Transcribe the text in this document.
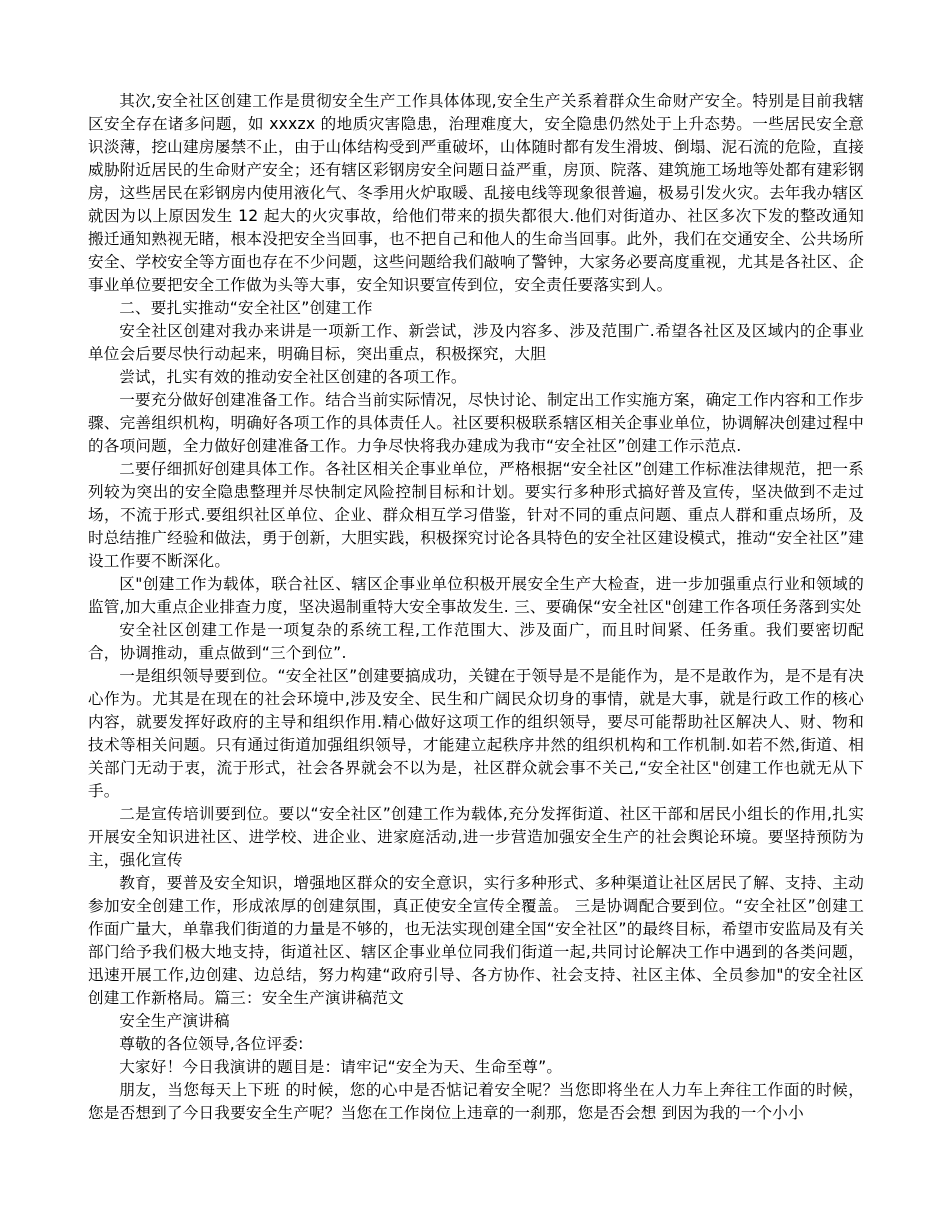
其次,安全社区创建工作是贯彻安全生产工作具体体现,安全生产关系着群众生命财产安全。特别是目前我辖区安全存在诸多问题，如 xxxzx 的地质灾害隐患，治理难度大，安全隐患仍然处于上升态势。一些居民安全意识淡薄，挖山建房屡禁不止，由于山体结构受到严重破坏，山体随时都有发生滑坡、倒塌、泥石流的危险，直接威胁附近居民的生命财产安全；还有辖区彩钢房安全问题日益严重，房顶、院落、建筑施工场地等处都有建彩钢房，这些居民在彩钢房内使用液化气、冬季用火炉取暖、乱接电线等现象很普遍，极易引发火灾。去年我办辖区就因为以上原因发生 12 起大的火灾事故，给他们带来的损失都很大.他们对街道办、社区多次下发的整改通知搬迁通知熟视无睹，根本没把安全当回事，也不把自己和他人的生命当回事。此外，我们在交通安全、公共场所安全、学校安全等方面也存在不少问题，这些问题给我们敲响了警钟，大家务必要高度重视，尤其是各社区、企事业单位要把安全工作做为头等大事，安全知识要宣传到位，安全责任要落实到人。

二、要扎实推动“安全社区”创建工作

安全社区创建对我办来讲是一项新工作、新尝试，涉及内容多、涉及范围广.希望各社区及区域内的企事业单位会后要尽快行动起来，明确目标，突出重点，积极探究，大胆

尝试，扎实有效的推动安全社区创建的各项工作。

一要充分做好创建准备工作。结合当前实际情况，尽快讨论、制定出工作实施方案，确定工作内容和工作步骤、完善组织机构，明确好各项工作的具体责任人。社区要积极联系辖区相关企事业单位，协调解决创建过程中的各项问题，全力做好创建准备工作。力争尽快将我办建成为我市“安全社区”创建工作示范点.

二要仔细抓好创建具体工作。各社区相关企事业单位，严格根据“安全社区”创建工作标准法律规范，把一系列较为突出的安全隐患整理并尽快制定风险控制目标和计划。要实行多种形式搞好普及宣传，坚决做到不走过场，不流于形式.要组织社区单位、企业、群众相互学习借鉴，针对不同的重点问题、重点人群和重点场所，及时总结推广经验和做法，勇于创新，大胆实践，积极探究讨论各具特色的安全社区建设模式，推动“安全社区”建设工作要不断深化。

区"创建工作为载体，联合社区、辖区企事业单位积极开展安全生产大检查，进一步加强重点行业和领域的监管,加大重点企业排查力度，坚决遏制重特大安全事故发生. 三、要确保“安全社区"创建工作各项任务落到实处

安全社区创建工作是一项复杂的系统工程,工作范围大、涉及面广，而且时间紧、任务重。我们要密切配合，协调推动，重点做到“三个到位”.

一是组织领导要到位。“安全社区”创建要搞成功，关键在于领导是不是能作为，是不是敢作为，是不是有决心作为。尤其是在现在的社会环境中,涉及安全、民生和广阔民众切身的事情，就是大事，就是行政工作的核心内容，就要发挥好政府的主导和组织作用.精心做好这项工作的组织领导，要尽可能帮助社区解决人、财、物和技术等相关问题。只有通过街道加强组织领导，才能建立起秩序井然的组织机构和工作机制.如若不然,街道、相关部门无动于衷，流于形式，社会各界就会不以为是，社区群众就会事不关己,“安全社区"创建工作也就无从下手。

二是宣传培训要到位。要以“安全社区”创建工作为载体,充分发挥街道、社区干部和居民小组长的作用,扎实开展安全知识进社区、进学校、进企业、进家庭活动,进一步营造加强安全生产的社会舆论环境。要坚持预防为主，强化宣传

教育，要普及安全知识，增强地区群众的安全意识，实行多种形式、多种渠道让社区居民了解、支持、主动参加安全创建工作，形成浓厚的创建氛围，真正使安全宣传全覆盖。 三是协调配合要到位。“安全社区”创建工作面广量大，单靠我们街道的力量是不够的，也无法实现创建全国“安全社区”的最终目标，希望市安监局及有关部门给予我们极大地支持，街道社区、辖区企事业单位同我们街道一起,共同讨论解决工作中遇到的各类问题，迅速开展工作,边创建、边总结，努力构建“政府引导、各方协作、社会支持、社区主体、全员参加"的安全社区创建工作新格局。篇三：安全生产演讲稿范文

安全生产演讲稿

尊敬的各位领导,各位评委:

大家好！今日我演讲的题目是：请牢记“安全为天、生命至尊”。

朋友，当您每天上下班 的时候，您的心中是否惦记着安全呢？当您即将坐在人力车上奔往工作面的时候，您是否想到了今日我要安全生产呢？当您在工作岗位上违章的一刹那，您是否会想 到因为我的一个小小
